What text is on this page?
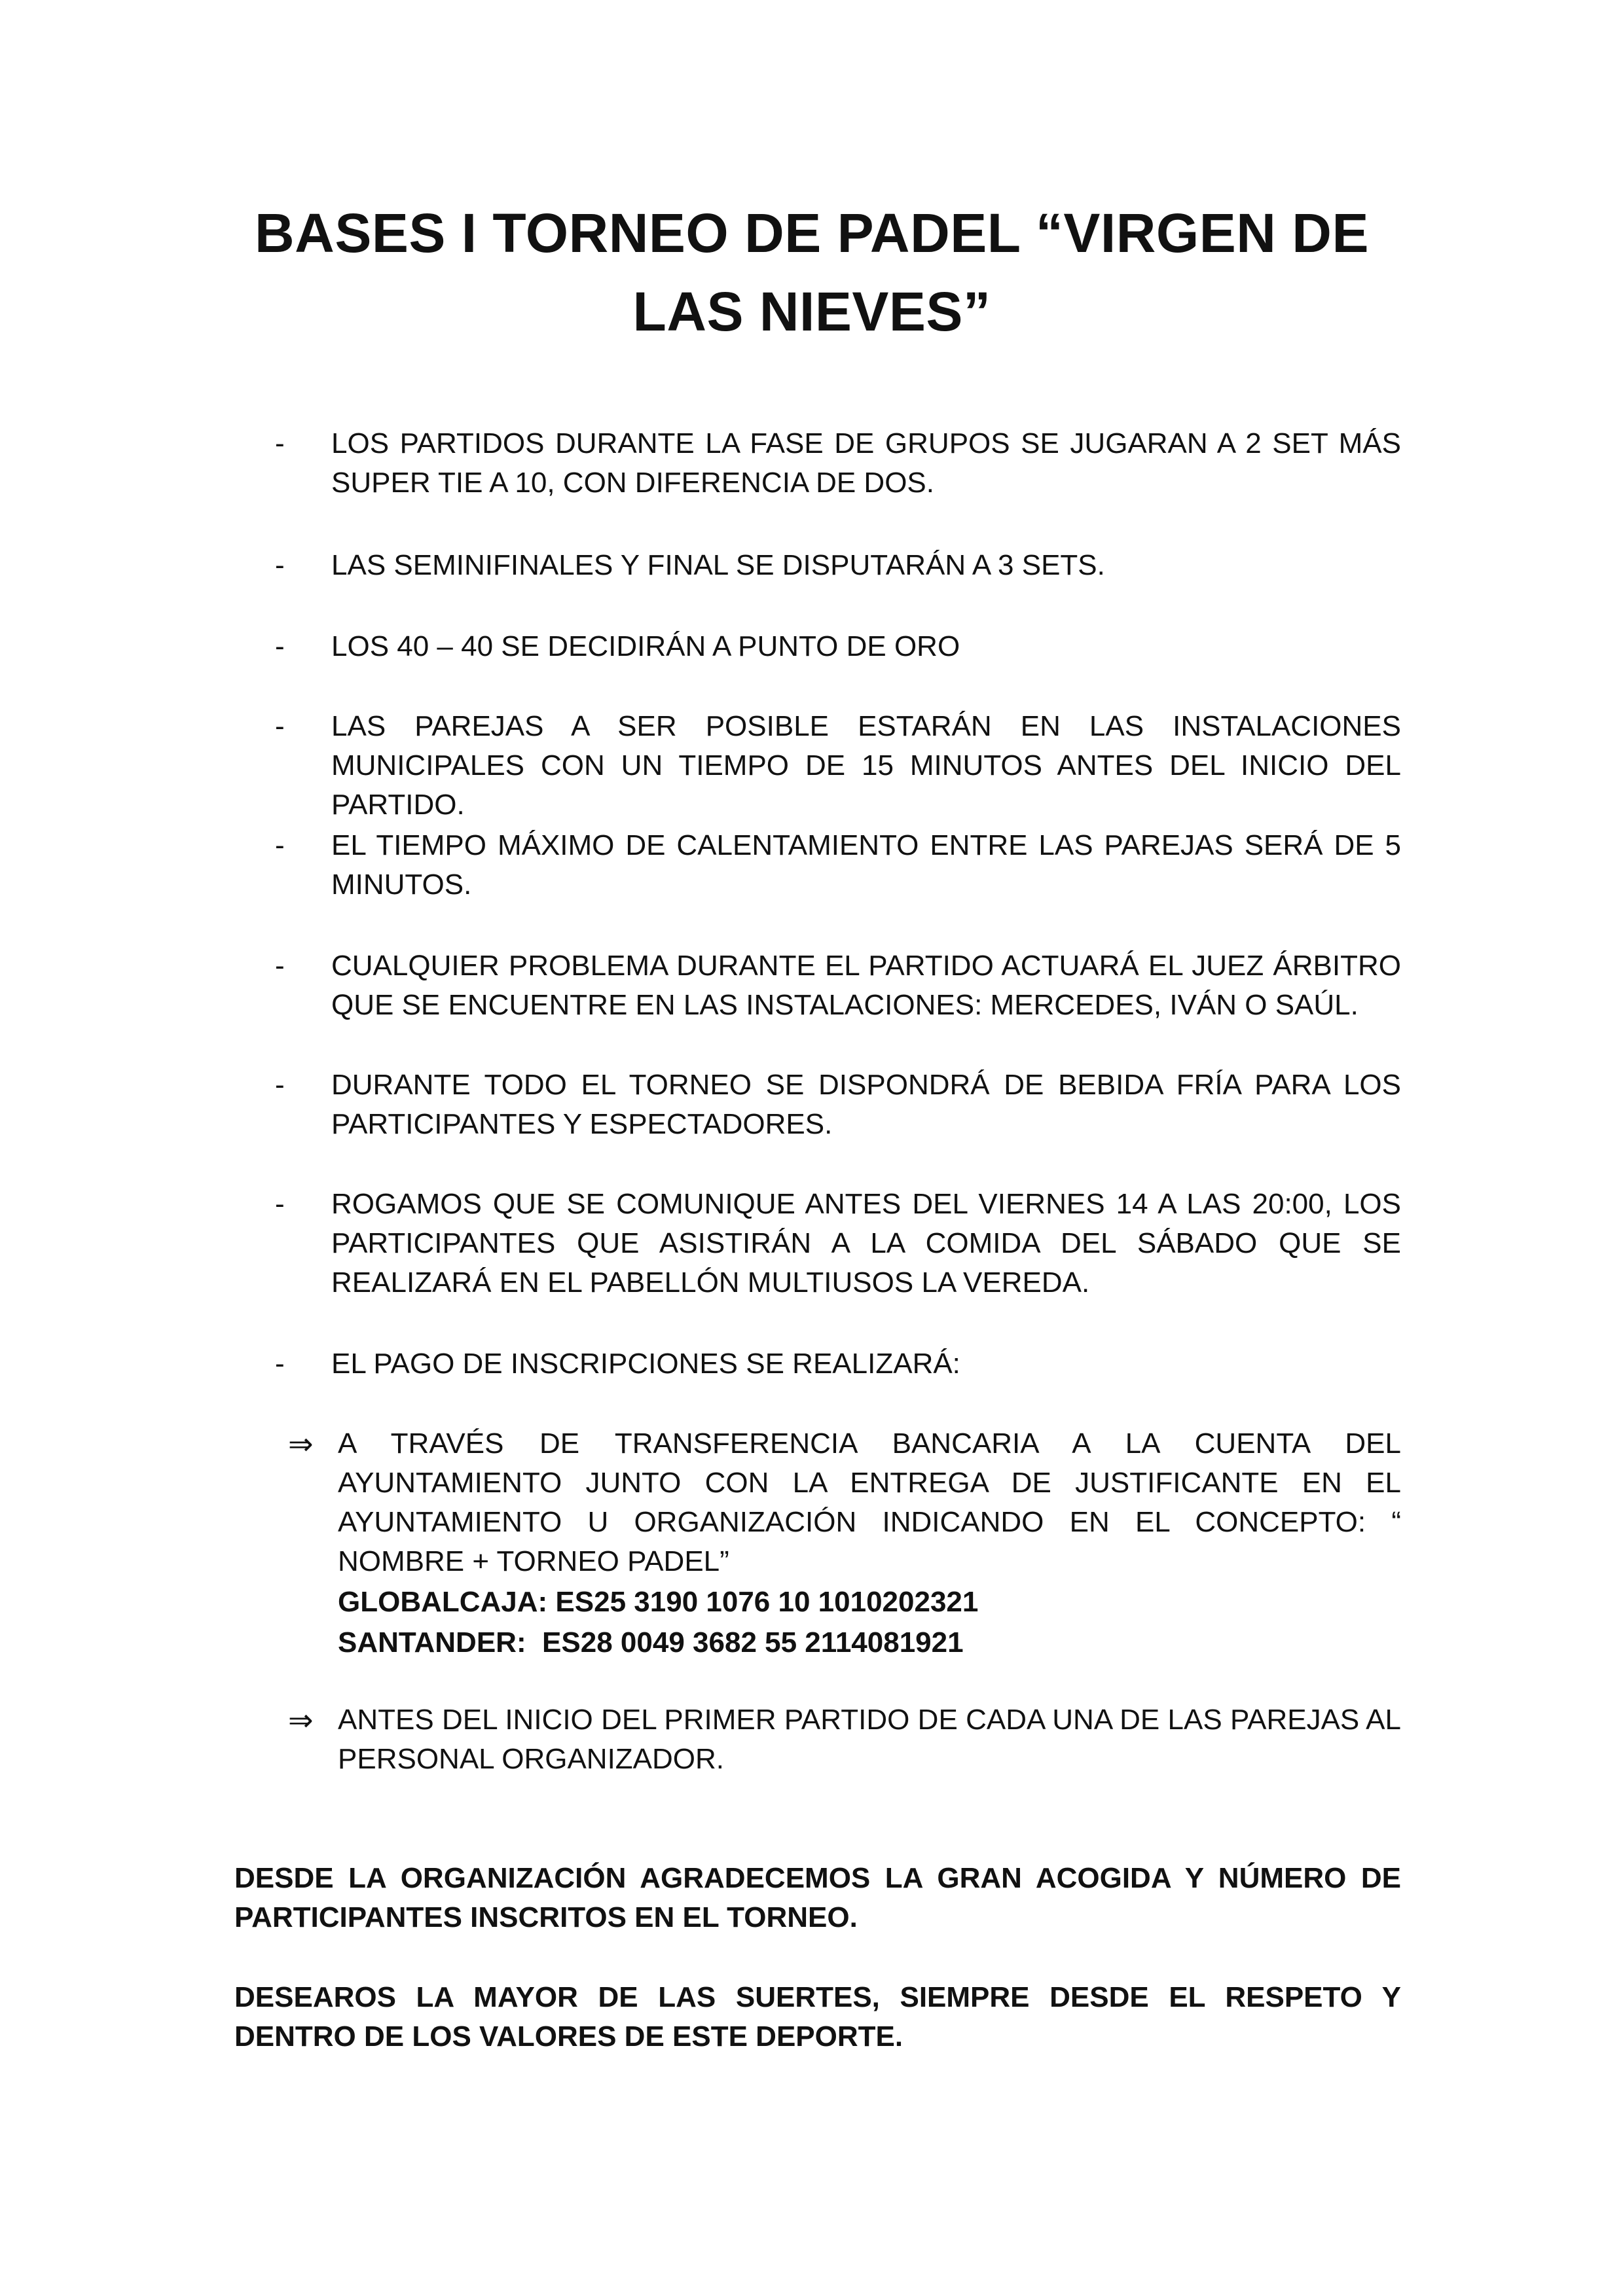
BASES I TORNEO DE PADEL “VIRGEN DE LAS NIEVES”
-	LOS PARTIDOS DURANTE LA FASE DE GRUPOS SE JUGARAN A 2 SET MÁS SUPER TIE A 10, CON DIFERENCIA DE DOS.
-	LAS SEMINIFINALES Y FINAL SE DISPUTARÁN A 3 SETS.
-	LOS 40 – 40 SE DECIDIRÁN A PUNTO DE ORO
-	LAS PAREJAS A SER POSIBLE ESTARÁN EN LAS INSTALACIONES MUNICIPALES CON UN TIEMPO DE 15 MINUTOS ANTES DEL INICIO DEL PARTIDO.
-	EL TIEMPO MÁXIMO DE CALENTAMIENTO ENTRE LAS PAREJAS SERÁ DE 5 MINUTOS.
-	CUALQUIER PROBLEMA DURANTE EL PARTIDO ACTUARÁ EL JUEZ ÁRBITRO QUE SE ENCUENTRE EN LAS INSTALACIONES: MERCEDES, IVÁN O SAÚL.
-	DURANTE TODO EL TORNEO SE DISPONDRÁ DE BEBIDA FRÍA PARA LOS PARTICIPANTES Y ESPECTADORES.
-	ROGAMOS QUE SE COMUNIQUE ANTES DEL VIERNES 14 A LAS 20:00, LOS PARTICIPANTES QUE ASISTIRÁN A LA COMIDA DEL SÁBADO QUE SE REALIZARÁ EN EL PABELLÓN MULTIUSOS LA VEREDA.
-	EL PAGO DE INSCRIPCIONES SE REALIZARÁ:
⇒ A TRAVÉS DE TRANSFERENCIA BANCARIA A LA CUENTA DEL AYUNTAMIENTO JUNTO CON LA ENTREGA DE JUSTIFICANTE EN EL AYUNTAMIENTO U ORGANIZACIÓN INDICANDO EN EL CONCEPTO: “ NOMBRE + TORNEO PADEL”
GLOBALCAJA: ES25 3190 1076 10 1010202321
SANTANDER:  ES28 0049 3682 55 2114081921
⇒ ANTES DEL INICIO DEL PRIMER PARTIDO DE CADA UNA DE LAS PAREJAS AL PERSONAL ORGANIZADOR.
DESDE LA ORGANIZACIÓN AGRADECEMOS LA GRAN ACOGIDA Y NÚMERO DE PARTICIPANTES INSCRITOS EN EL TORNEO.
DESEAROS LA MAYOR DE LAS SUERTES, SIEMPRE DESDE EL RESPETO Y DENTRO DE LOS VALORES DE ESTE DEPORTE.
